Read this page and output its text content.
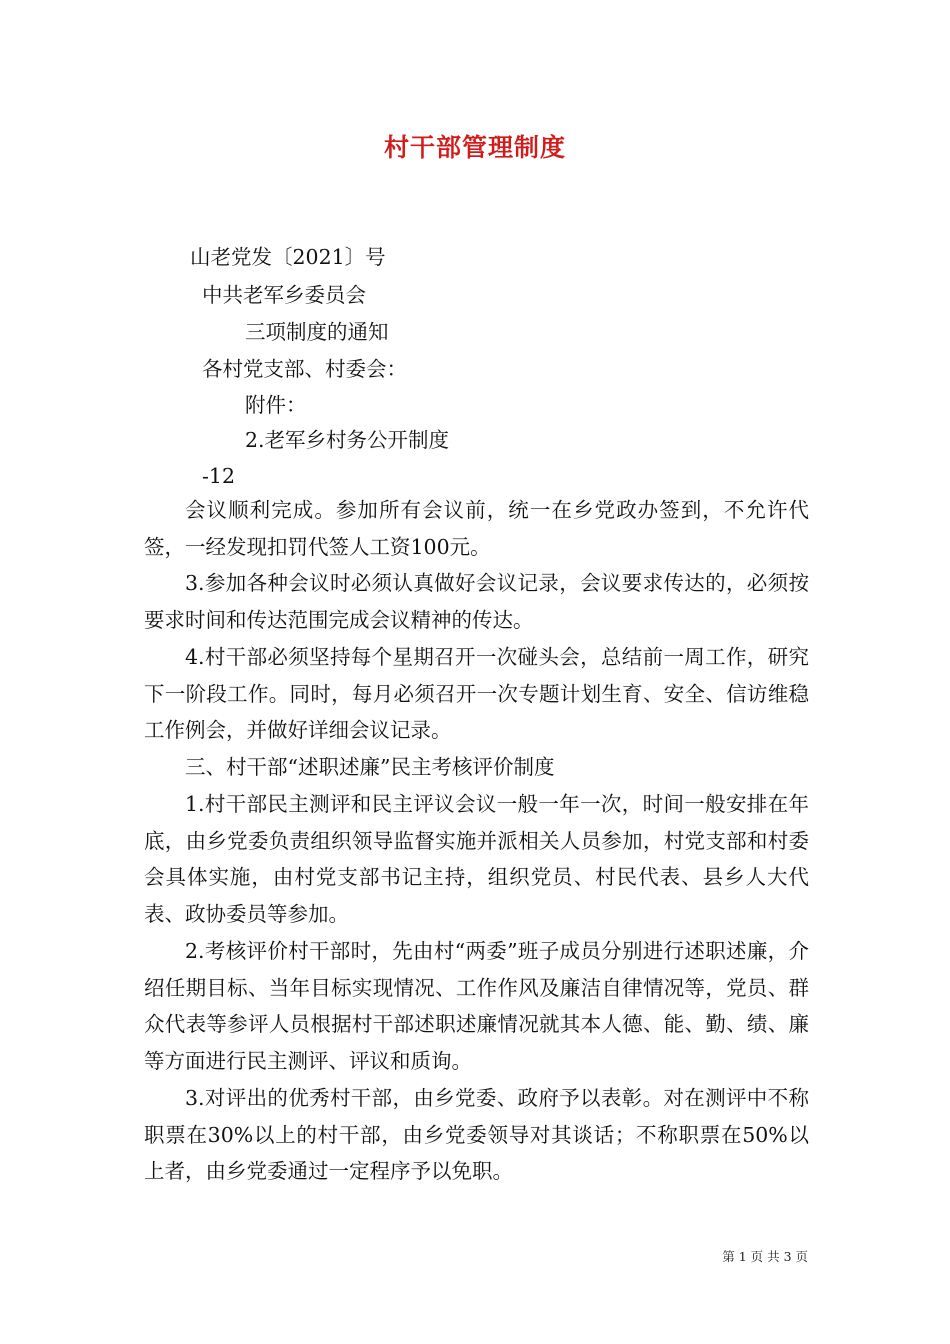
村干部管理制度
山老党发〔2021〕号
中共老军乡委员会
三项制度的通知
各村党支部、村委会：
附件：
2.老军乡村务公开制度
-12
会议顺利完成。参加所有会议前，统一在乡党政办签到，不允许代签，一经发现扣罚代签人工资100元。
3.参加各种会议时必须认真做好会议记录，会议要求传达的，必须按要求时间和传达范围完成会议精神的传达。
4.村干部必须坚持每个星期召开一次碰头会，总结前一周工作，研究下一阶段工作。同时，每月必须召开一次专题计划生育、安全、信访维稳工作例会，并做好详细会议记录。
三、村干部“述职述廉”民主考核评价制度
1.村干部民主测评和民主评议会议一般一年一次，时间一般安排在年底，由乡党委负责组织领导监督实施并派相关人员参加，村党支部和村委会具体实施，由村党支部书记主持，组织党员、村民代表、县乡人大代表、政协委员等参加。
2.考核评价村干部时，先由村“两委”班子成员分别进行述职述廉，介绍任期目标、当年目标实现情况、工作作风及廉洁自律情况等，党员、群众代表等参评人员根据村干部述职述廉情况就其本人德、能、勤、绩、廉等方面进行民主测评、评议和质询。
3.对评出的优秀村干部，由乡党委、政府予以表彰。对在测评中不称职票在30%以上的村干部，由乡党委领导对其谈话；不称职票在50%以上者，由乡党委通过一定程序予以免职。
第 1 页 共 3 页
